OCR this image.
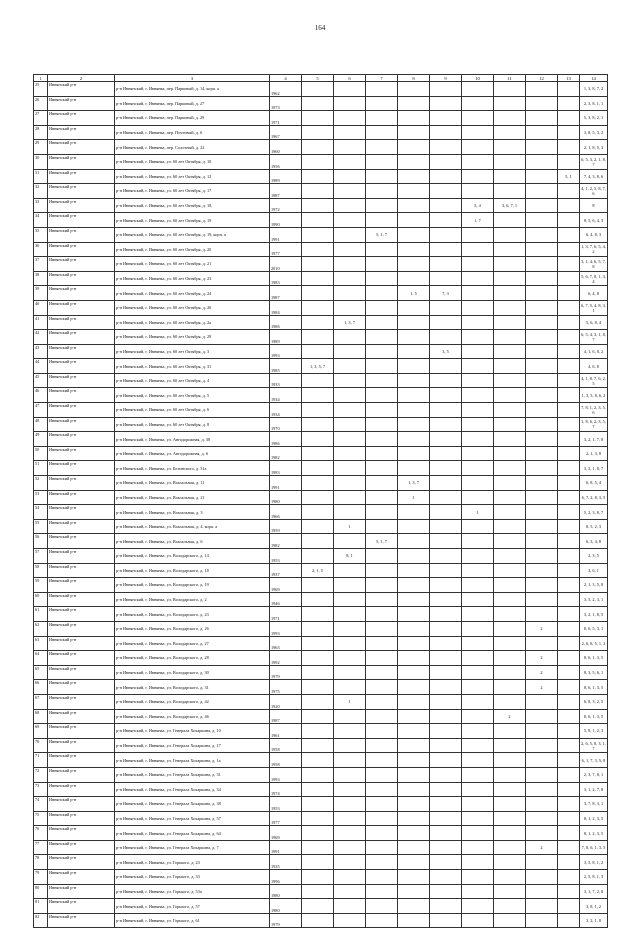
164
1	2	3	4	5	6	7	8	9	10	11	12	13	14
25	Ивнянский р-н	р-н Ивнянский, г. Ивнянка, пер. Парковый, д. 14, корп. а	1962										1, 3, 8, 7, 2
26	Ивнянский р-н	р-н Ивнянский, г. Ивнянка, пер. Парковый, д. 27	1973										2, 3, 8, 1, 1
27	Ивнянский р-н	р-н Ивнянский, г. Ивнянка, пер. Парковый, д. 29	1971										5, 3, 8, 2, 1
28	Ивнянский р-н	р-н Ивнянский, г. Ивнянка, пер. Почтовый, д. 6	1967										3, 8, 5, 3, 2
29	Ивнянский р-н	р-н Ивнянский, г. Ивнянка, пер. Солотный, д. 22	1960										2, 1, 8, 5, 3
30	Ивнянский р-н	р-н Ивнянский, г. Ивнянка, ул. 60 лет Октября, д. 10	1956										6, 5, 3, 2, 1, 8, 7
31	Ивнянский р-н	р-н Ивнянский, г. Ивнянка, ул. 60 лет Октября, д. 12	1989									5, 1	7, 4, 3, 8, 6
32	Ивнянский р-н	р-н Ивнянский, г. Ивнянка, ул. 60 лет Октября, д. 17	1987										4, 1, 2, 5, 8, 7, 6
33	Ивнянский р-н	р-н Ивнянский, г. Ивнянка, ул. 60 лет Октября, д. 18,	1972						5, 4	3, 6, 7, 1			8
34	Ивнянский р-н	р-н Ивнянский, г. Ивнянка, ул. 60 лет Октября, д. 19	1990						1, 7				8, 5, 6, 4, 3
35	Ивнянский р-н	р-н Ивнянский, г. Ивнянка, ул. 60 лет Октября, д. 19, корп. а	1991			5, 1, 7							6, 4, 8, 3
36	Ивнянский р-н	р-н Ивнянский, г. Ивнянка, ул. 60 лет Октября, д. 20	1977										1, 3, 7, 6, 5, 4, 2
37	Ивнянский р-н	р-н Ивнянский, г. Ивнянка, ул. 60 лет Октября, д. 21	2010										3, 1, 4, 6, 5, 7, 8
38	Ивнянский р-н	р-н Ивнянский, г. Ивнянка, ул. 60 лет Октября, д. 23	1983										5, 6, 7, 8, 1, 3, 4
39	Ивнянский р-н	р-н Ивнянский, г. Ивнянка, ул. 60 лет Октября, д. 24	1987				1, 5	7, 3					6, 4, 8
40	Ивнянский р-н	р-н Ивнянский, г. Ивнянка, ул. 60 лет Октября, д. 26	1984										6, 7, 5, 4, 8, 3, 1
41	Ивнянский р-н	р-н Ивнянский, г. Ивнянка, ул. 60 лет Октября, д. 2а	1986		1, 3, 7								5, 6, 8, 4
42	Ивнянский р-н	р-н Ивнянский, г. Ивнянка, ул. 60 лет Октября, д. 29	1989										6, 5, 4, 3, 1, 8, 7
43	Ивнянский р-н	р-н Ивнянский, г. Ивнянка, ул. 60 лет Октября, д. 3	1993					3, 5					4, 1, 6, 8, 2
44	Ивнянский р-н	р-н Ивнянский, г. Ивнянка, ул. 60 лет Октября, д. 31	1985	1, 3, 5, 7									4, 6, 8
45	Ивнянский р-н	р-н Ивнянский, г. Ивнянка, ул. 60 лет Октября, д. 4	1933										4, 1, 8, 7, 6, 2, 5
46	Ивнянский р-н	р-н Ивнянский, г. Ивнянка, ул. 60 лет Октября, д. 5	1934										1, 3, 5, 8, 6, 2
47	Ивнянский р-н	р-н Ивнянский, г. Ивнянка, ул. 60 лет Октября, д. 6	1934										7, 8, 1, 2, 3, 5, 6
48	Ивнянский р-н	р-н Ивнянский, г. Ивнянка, ул. 60 лет Октября, д. 8	1970										1, 8, 6, 2, 3, 5, 7
49	Ивнянский р-н	р-н Ивнянский, г. Ивнянка, ул. Автодорожная, д. 38	1986										3, 2, 1, 7, 8
50	Ивнянский р-н	р-н Ивнянский, г. Ивнянка, ул. Автодорожная, д. 6	1982										2, 1, 3, 8
51	Ивнянский р-н	р-н Ивнянский, г. Ивнянка, ул. Белинского, д. 31а	1983										3, 2, 1, 8, 7
52	Ивнянский р-н	р-н Ивнянский, г. Ивнянка, ул. Вокзальная, д. 11	1991				1, 3, 7						6, 8, 5, 4
53	Ивнянский р-н	р-н Ивнянский, г. Ивнянка, ул. Вокзальная, д. 21	1980				1						6, 7, 2, 8, 3, 5
54	Ивнянский р-н	р-н Ивнянский, г. Ивнянка, ул. Вокзальная, д. 3	1966						1				5, 2, 3, 8, 7
55	Ивнянский р-н	р-н Ивнянский, г. Ивнянка, ул. Вокзальная, д. 4, корп. а	1959		1								8, 5, 2, 3
56	Ивнянский р-н	р-н Ивнянский, г. Ивнянка, ул. Вокзальная, д. 6	1982			5, 1, 7							6, 3, 4, 8
57	Ивнянский р-н	р-н Ивнянский, г. Ивнянка, ул. Володарского, д. 14	1953		8, 1								2, 3, 5
58	Ивнянский р-н	р-н Ивнянский, г. Ивнянка, ул. Володарского, д. 18	1937	2, 1, 5									3, 6, 1
59	Ивнянский р-н	р-н Ивнянский, г. Ивнянка, ул. Володарского, д. 19	1969										2, 1, 3, 5, 8
60	Ивнянский р-н	р-н Ивнянский, г. Ивнянка, ул. Володарского, д. 2	1946										3, 5, 2, 3, 1
61	Ивнянский р-н	р-н Ивнянский, г. Ивнянка, ул. Володарского, д. 23	1971										3, 2, 1, 8, 5
62	Ивнянский р-н	р-н Ивнянский, г. Ивнянка, ул. Володарского, д. 26	1993								2		8, 6, 5, 3, 1
63	Ивнянский р-н	р-н Ивнянский, г. Ивнянка, ул. Володарского, д. 27	1963										2, 6, 8, 5, 1, 3
64	Ивнянский р-н	р-н Ивнянский, г. Ивнянка, ул. Володарского, д. 28	1992								2		8, 6, 1, 3, 5
65	Ивнянский р-н	р-н Ивнянский, г. Ивнянка, ул. Володарского, д. 30	1979								2		8, 3, 5, 6, 1
66	Ивнянский р-н	р-н Ивнянский, г. Ивнянка, ул. Володарского, д. 31	1975								2		8, 6, 1, 3, 5
67	Ивнянский р-н	р-н Ивнянский, г. Ивнянка, ул. Володарского, д. 42	1920		1								6, 8, 3, 2, 5
68	Ивнянский р-н	р-н Ивнянский, г. Ивнянка, ул. Володарского, д. 46	1987							2			8, 6, 1, 3, 5
69	Ивнянский р-н	р-н Ивнянский, г. Ивнянка, ул. Генерала Хохаркина, д. 10	1961										5, 8, 1, 2, 3
70	Ивнянский р-н	р-н Ивнянский, г. Ивнянка, ул. Генерала Хохаркина, д. 17	1958										2, 6, 5, 8, 3, 1, 7
71	Ивнянский р-н	р-н Ивнянский, г. Ивнянка, ул. Генерала Хохаркина, д. 1а	1958										6, 1, 7, 3, 5, 8
72	Ивнянский р-н	р-н Ивнянский, г. Ивнянка, ул. Генерала Хохаркина, д. 31	1993										2, 3, 7, 8, 1
73	Ивнянский р-н	р-н Ивнянский, г. Ивнянка, ул. Генерала Хохаркина, д. 34	1974										3, 1, 2, 7, 8
74	Ивнянский р-н	р-н Ивнянский, г. Ивнянка, ул. Генерала Хохаркина, д. 38	1953										3, 7, 8, 3, 1
75	Ивнянский р-н	р-н Ивнянский, г. Ивнянка, ул. Генерала Хохаркина, д. 57	1977										8, 1, 2, 3, 5
76	Ивнянский р-н	р-н Ивнянский, г. Ивнянка, ул. Генерала Хохаркина, д. 64	1969										8, 1, 2, 3, 5
77	Ивнянский р-н	р-н Ивнянский, г. Ивнянка, ул. Генерала Хохаркина, д. 7	1991								2		7, 8, 6, 1, 3, 5
78	Ивнянский р-н	р-н Ивнянский, г. Ивнянка, ул. Горького, д. 23	1935										3, 5, 8, 1, 2
79	Ивнянский р-н	р-н Ивнянский, г. Ивнянка, ул. Горького, д. 33	1996										2, 5, 8, 1, 3
80	Ивнянский р-н	р-н Ивнянский, г. Ивнянка, ул. Горького, д. 53а	1980										3, 1, 7, 2, 8
81	Ивнянский р-н	р-н Ивнянский, г. Ивнянка, ул. Горького, д. 57	1980										3, 8, 1, 2
82	Ивнянский р-н	р-н Ивнянский, г. Ивнянка, ул. Горького, д. 61	1979										3, 2, 1, 8
